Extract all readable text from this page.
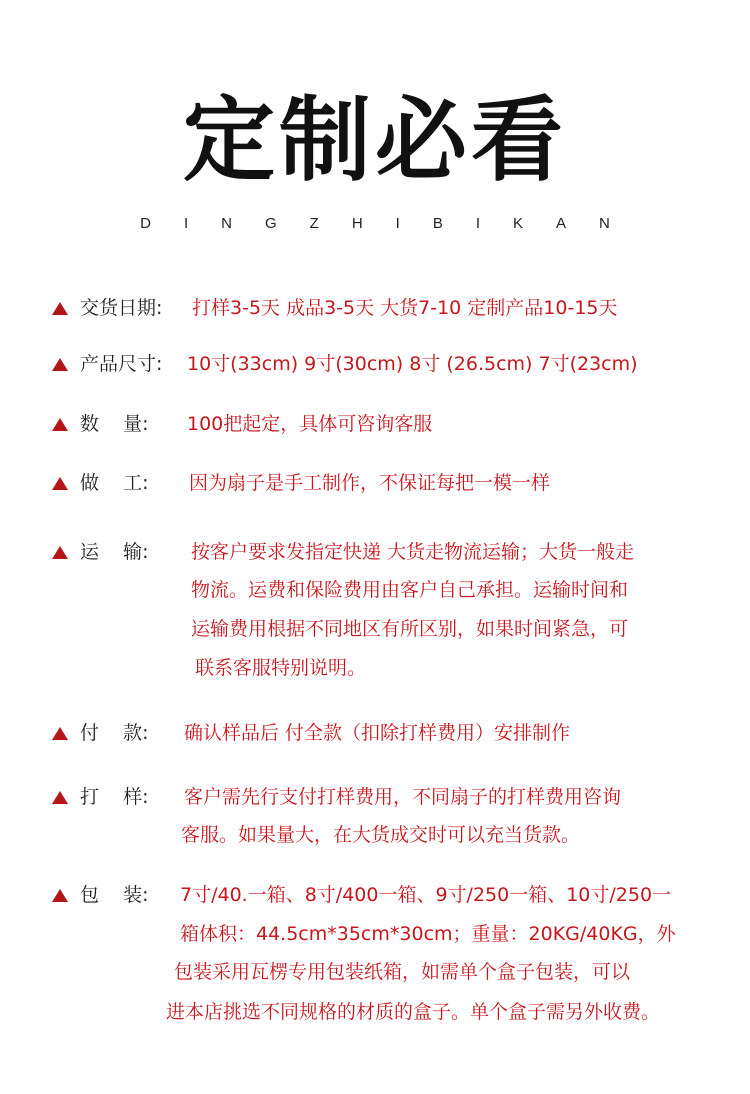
定制必看
DINGZHIBIKAN
交货日期:	打样3-5天 成品3-5天 大货7-10 定制产品10-15天
产品尺寸:	10寸(33cm) 9寸(30cm) 8寸 (26.5cm) 7寸(23cm)
数    量:	100把起定，具体可咨询客服
做    工:	因为扇子是手工制作，不保证每把一模一样
运    输:	按客户要求发指定快递 大货走物流运输；大货一般走
物流。运费和保险费用由客户自己承担。运输时间和
运输费用根据不同地区有所区别，如果时间紧急，可
联系客服特别说明。
付    款:	确认样品后 付全款（扣除打样费用）安排制作
打    样:	客户需先行支付打样费用，不同扇子的打样费用咨询
客服。如果量大，在大货成交时可以充当货款。
包    装:	7寸/40.一箱、8寸/400一箱、9寸/250一箱、10寸/250一
箱体积：44.5cm*35cm*30cm；重量：20KG/40KG，外
包装采用瓦楞专用包装纸箱，如需单个盒子包装，可以
进本店挑选不同规格的材质的盒子。单个盒子需另外收费。
